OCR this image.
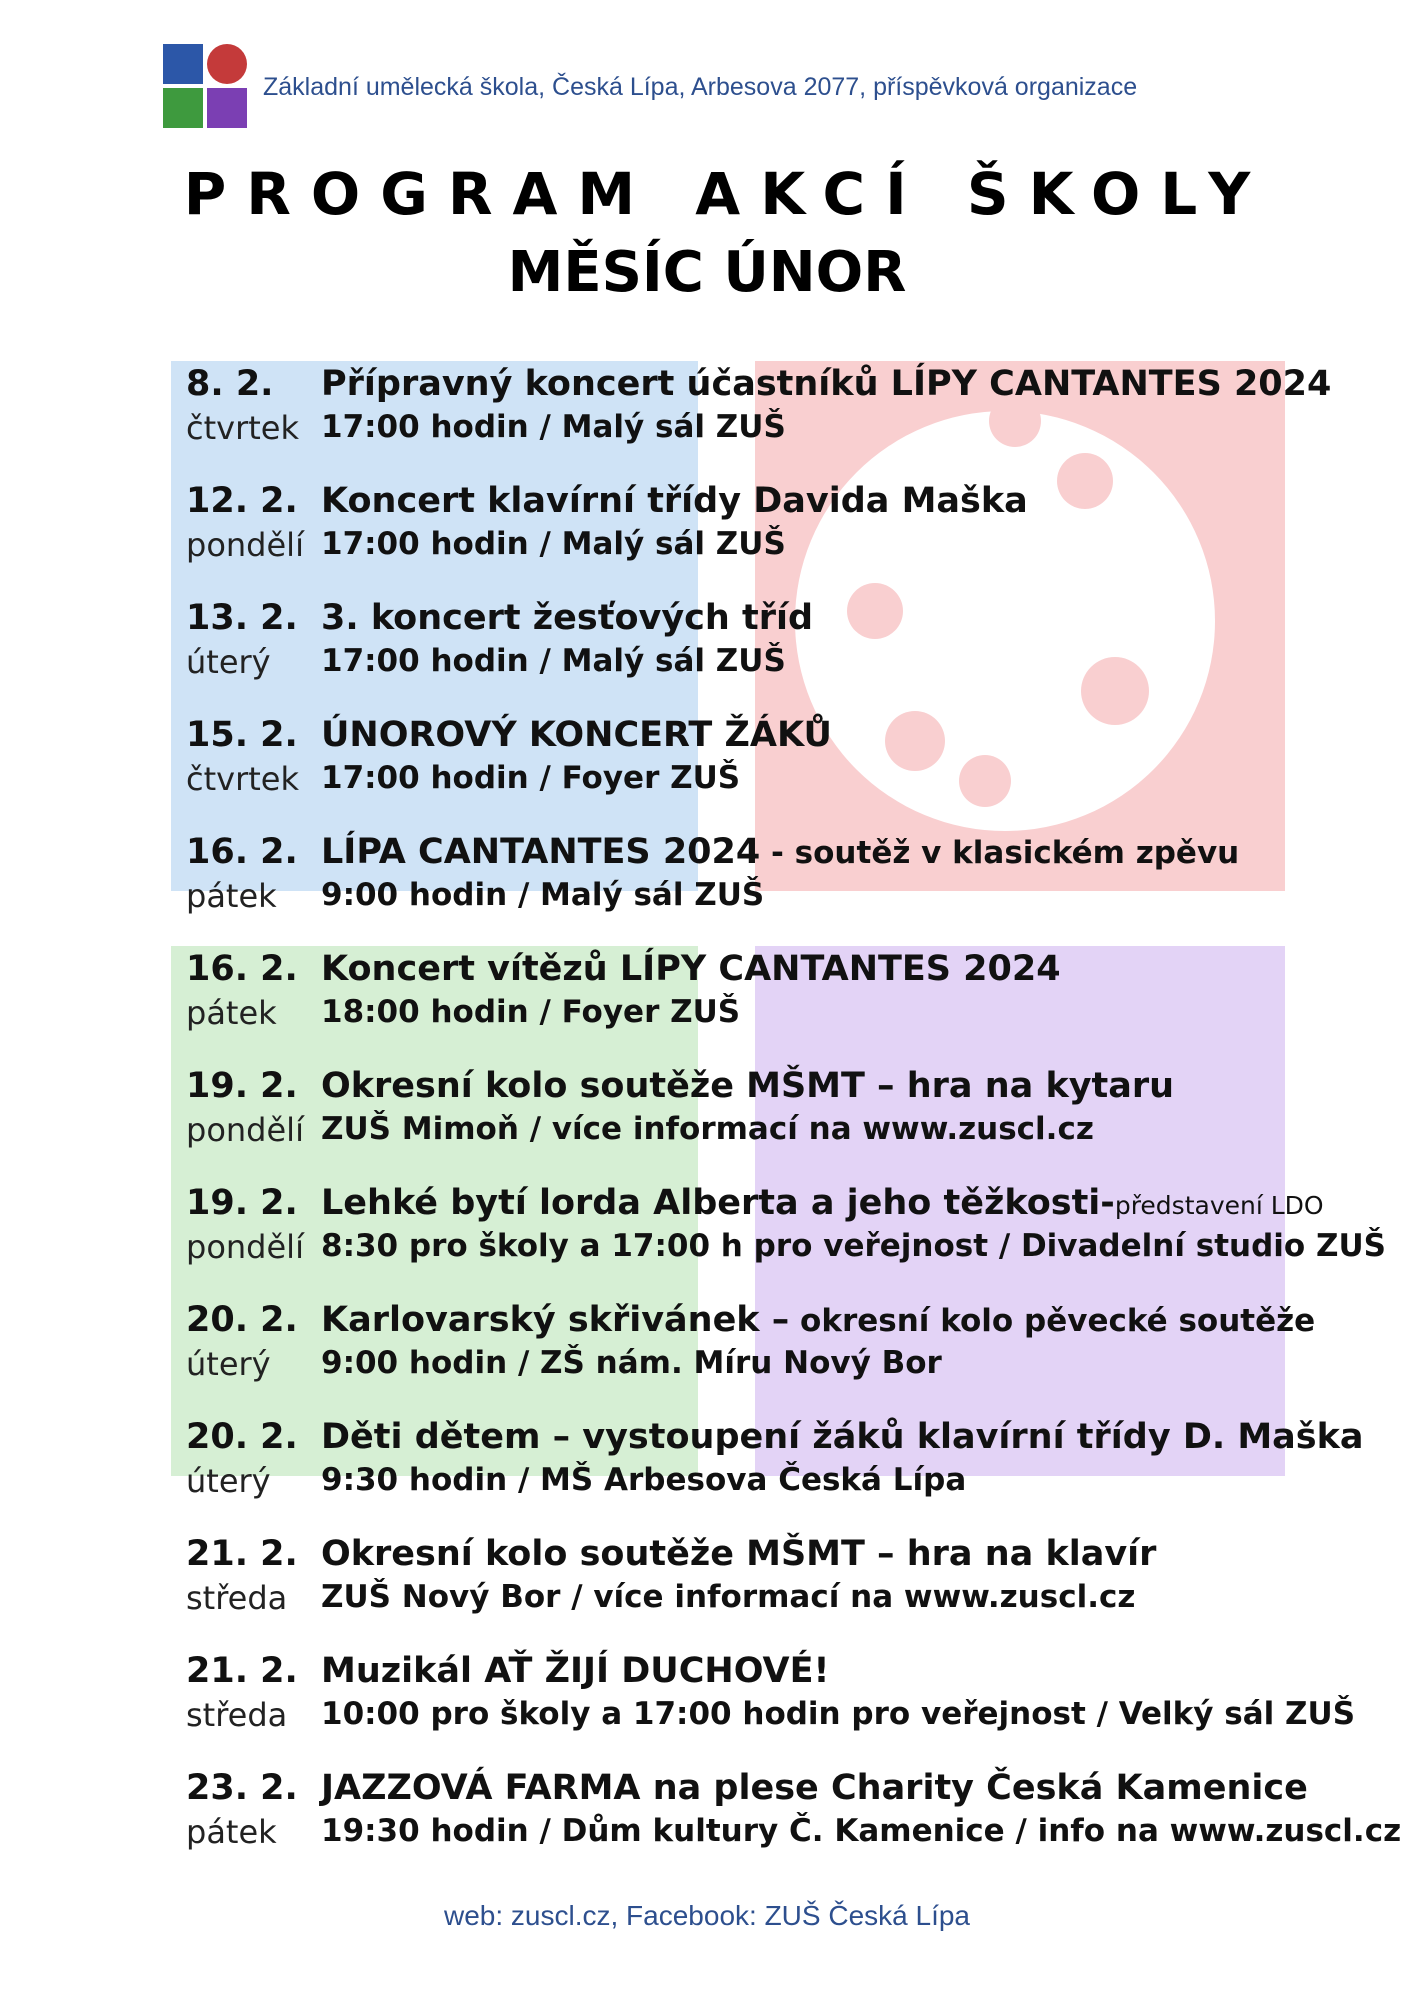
Základní umělecká škola, Česká Lípa, Arbesova 2077, příspěvková organizace
PROGRAM AKCÍ ŠKOLY
MĚSÍC ÚNOR
8. 2.
čtvrtek
Přípravný koncert účastníků LÍPY CANTANTES 2024
17:00 hodin / Malý sál ZUŠ
12. 2.
pondělí
Koncert klavírní třídy Davida Maška
17:00 hodin / Malý sál ZUŠ
13. 2.
úterý
3. koncert žesťových tříd
17:00 hodin / Malý sál ZUŠ
15. 2.
čtvrtek
ÚNOROVÝ KONCERT ŽÁKŮ
17:00 hodin / Foyer ZUŠ
16. 2.
pátek
LÍPA CANTANTES 2024 - soutěž v klasickém zpěvu
9:00 hodin / Malý sál ZUŠ
16. 2.
pátek
Koncert vítězů LÍPY CANTANTES 2024
18:00 hodin / Foyer ZUŠ
19. 2.
pondělí
Okresní kolo soutěže MŠMT – hra na kytaru
ZUŠ Mimoň / více informací na www.zuscl.cz
19. 2.
pondělí
Lehké bytí lorda Alberta a jeho těžkosti-představení LDO
8:30 pro školy a 17:00 h pro veřejnost / Divadelní studio ZUŠ
20. 2.
úterý
Karlovarský skřivánek – okresní kolo pěvecké soutěže
9:00 hodin / ZŠ nám. Míru Nový Bor
20. 2.
úterý
Děti dětem – vystoupení žáků klavírní třídy D. Maška
9:30 hodin / MŠ Arbesova Česká Lípa
21. 2.
středa
Okresní kolo soutěže MŠMT – hra na klavír
ZUŠ Nový Bor / více informací na www.zuscl.cz
21. 2.
středa
Muzikál AŤ ŽIJÍ DUCHOVÉ!
10:00 pro školy a 17:00 hodin pro veřejnost / Velký sál ZUŠ
23. 2.
pátek
JAZZOVÁ FARMA na plese Charity Česká Kamenice
19:30 hodin / Dům kultury Č. Kamenice / info na www.zuscl.cz
web: zuscl.cz, Facebook: ZUŠ Česká Lípa
